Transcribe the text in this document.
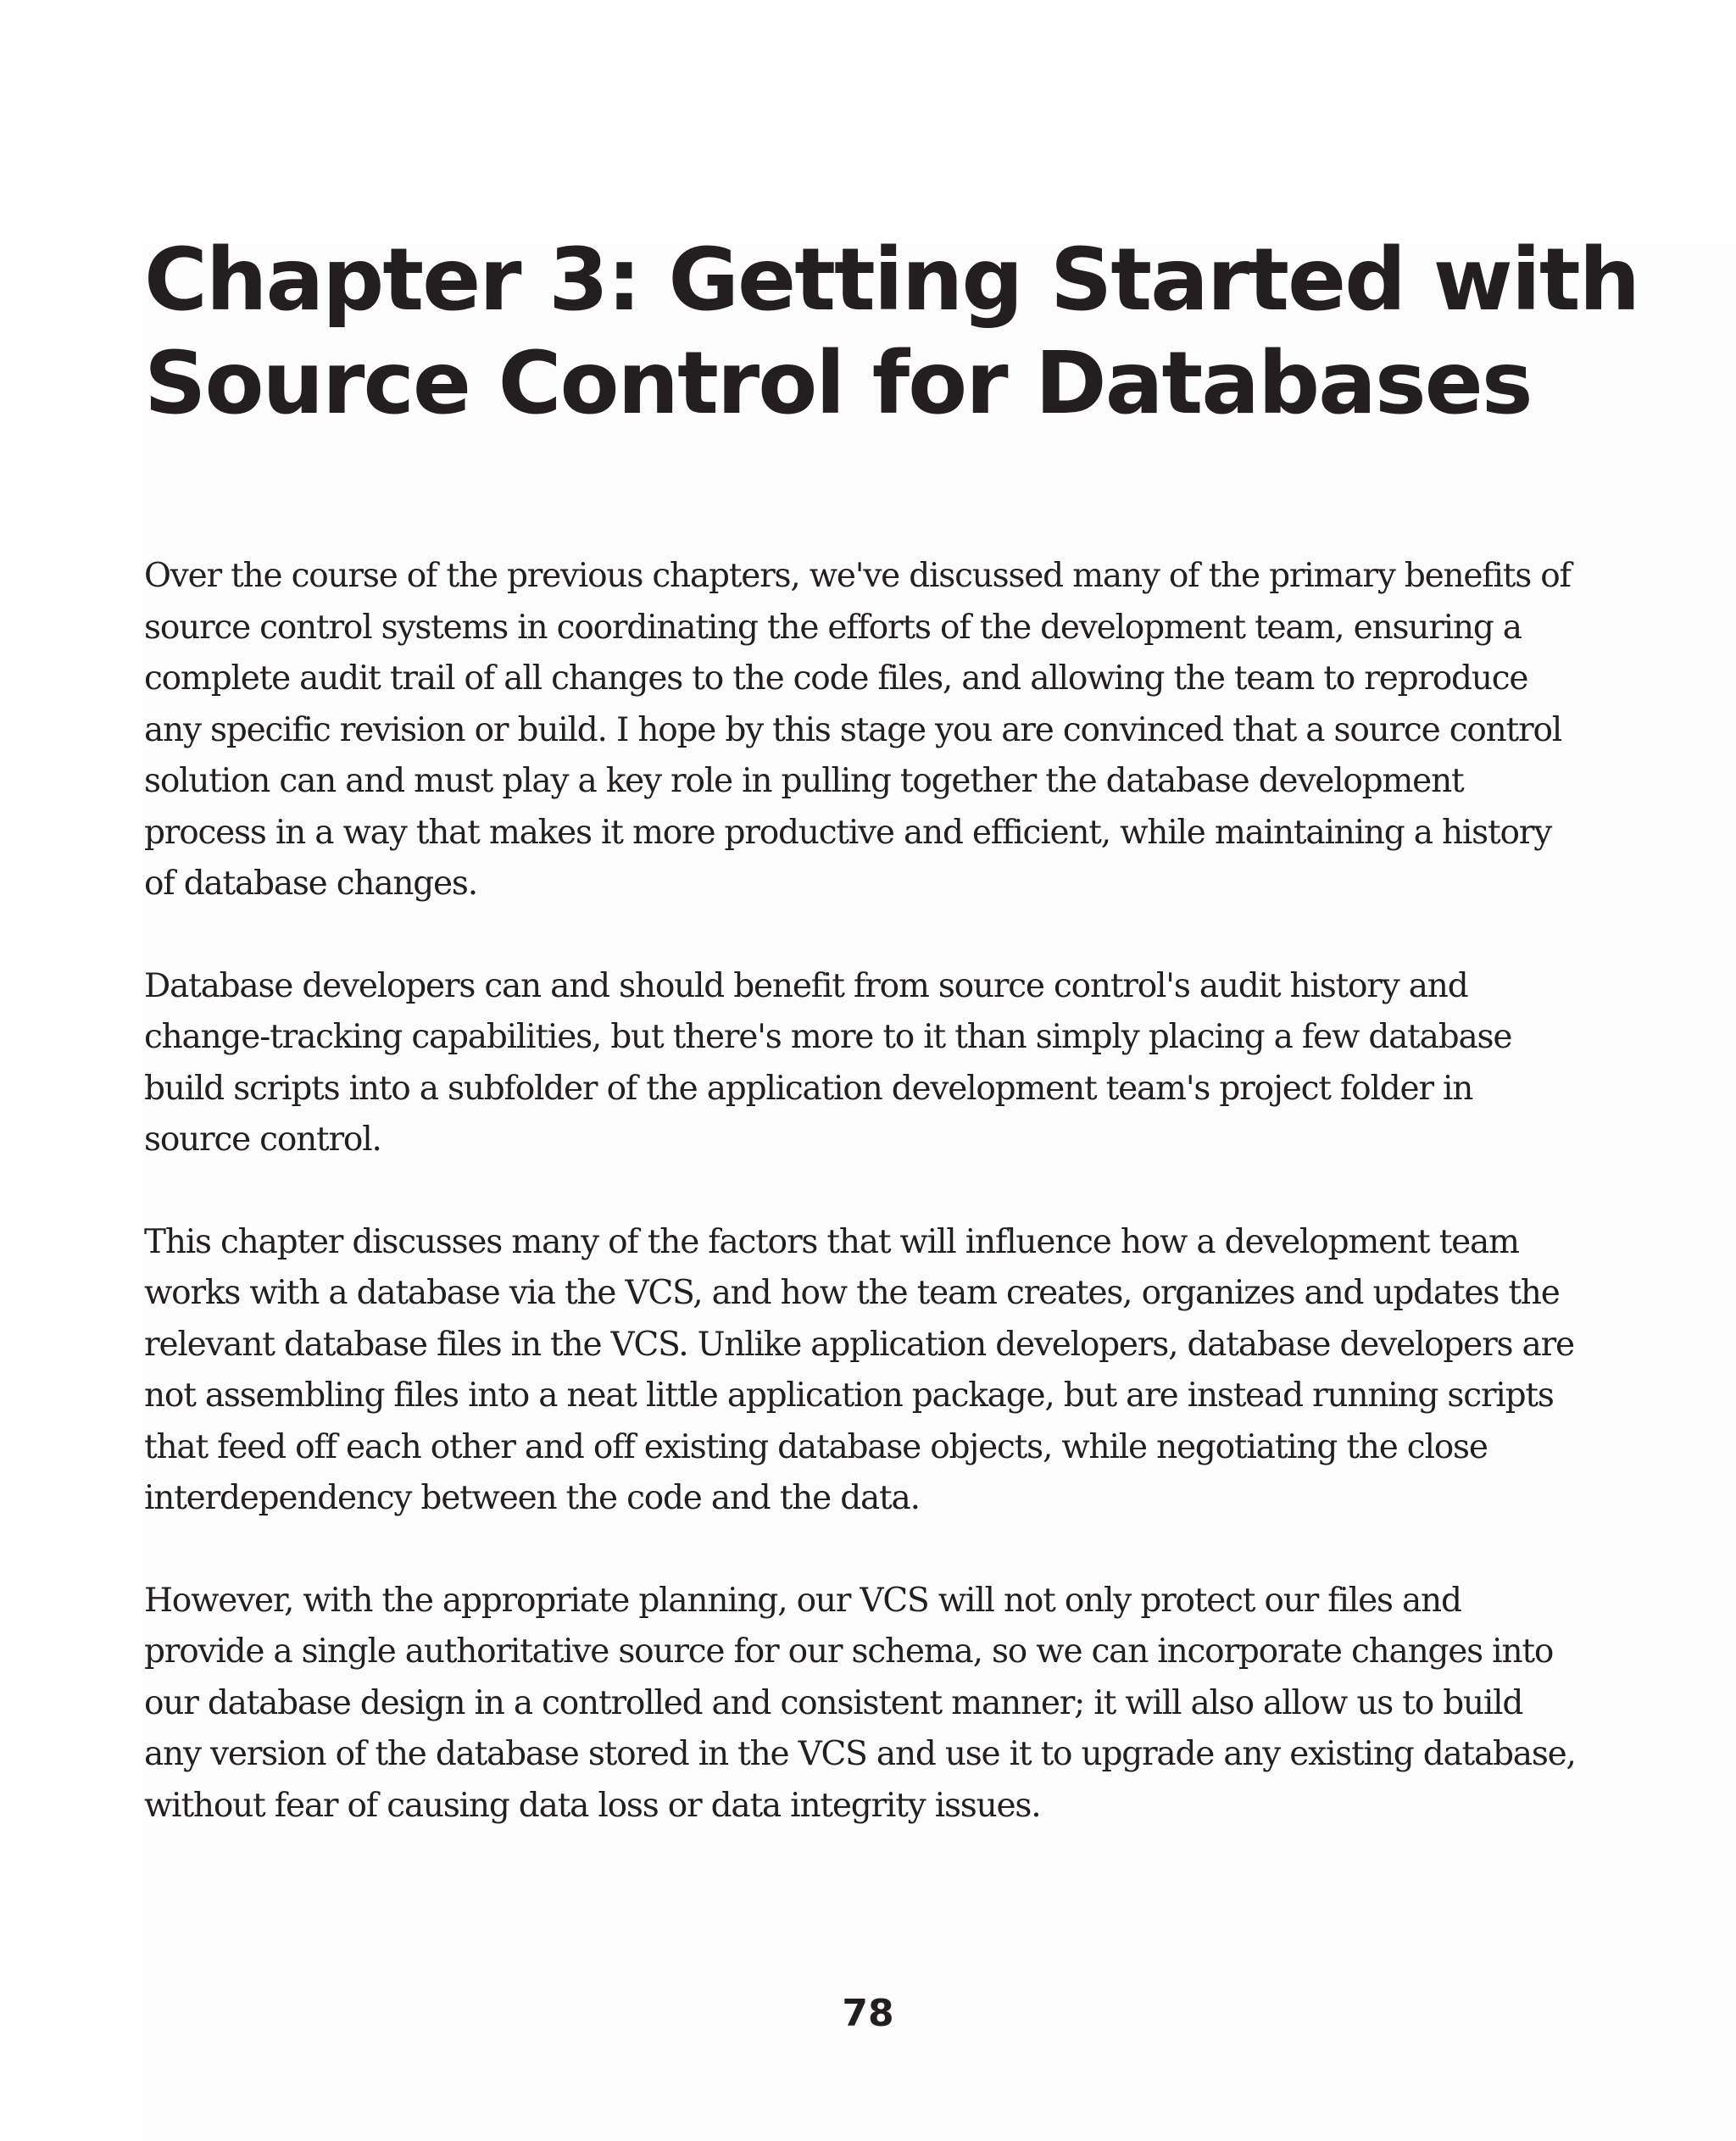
Chapter 3: Getting Started with
Source Control for Databases

Over the course of the previous chapters, we've discussed many of the primary benefits of source control systems in coordinating the efforts of the development team, ensuring a complete audit trail of all changes to the code files, and allowing the team to reproduce any specific revision or build. I hope by this stage you are convinced that a source control solution can and must play a key role in pulling together the database development process in a way that makes it more productive and efficient, while maintaining a history of database changes.

Database developers can and should benefit from source control's audit history and change-tracking capabilities, but there's more to it than simply placing a few database build scripts into a subfolder of the application development team's project folder in source control.

This chapter discusses many of the factors that will influence how a development team works with a database via the VCS, and how the team creates, organizes and updates the relevant database files in the VCS. Unlike application developers, database developers are not assembling files into a neat little application package, but are instead running scripts that feed off each other and off existing database objects, while negotiating the close interdependency between the code and the data.

However, with the appropriate planning, our VCS will not only protect our files and provide a single authoritative source for our schema, so we can incorporate changes into our database design in a controlled and consistent manner; it will also allow us to build any version of the database stored in the VCS and use it to upgrade any existing database, without fear of causing data loss or data integrity issues.

78
